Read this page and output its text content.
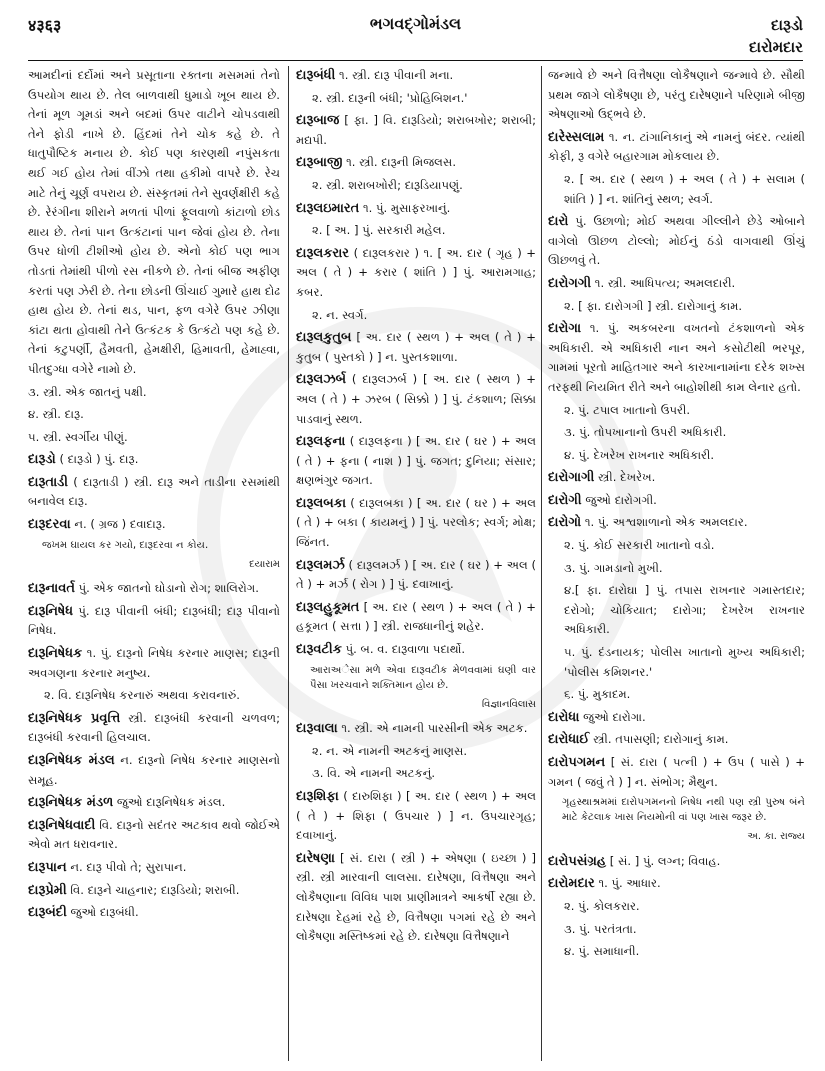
४३६३	ભગવદ્ગોમંડલ	દારૂડો
દારોમદાર
આમદીનાં દર્દોમાં અને પ્રસૂતાના રક્તના મસમમાં તેનો ઉપયોગ થાય છે. તેલ બાળવાથી ધુમાડો ખૂબ થાય છે. તેનાં મૂળ ગૂમડાં અને બદમાં ઉપર વાટીને ચોપડવાથી તેને ફોડી નાખે છે. હિંદમાં તેને ચોક કહે છે. તે ધાતુપૌષ્ટિક મનાય છે. કોઈ પણ કારણથી નપુંસકતા થઈ ગઈ હોય તેમાં વીંઝો તથા હકીમો વાપરે છે. રેચ માટે તેનું ચૂર્ણ વપરાય છે. સંસ્કૃતમાં તેને સુવર્ણક્ષીરી કહે છે. રેરંગીના શીરાને મળતાં પીળાં ફૂલવાળો કાંટાળો છોડ થાય છે. તેનાં પાન ઉત્કંટાનાં પાન જેવાં હોય છે. તેના ઉપર ધોળી ટીશીઓ હોય છે. એનો કોઈ પણ ભાગ તોડતાં તેમાંથી પીળો રસ નીકળે છે. તેનાં બીજ અફીણ કરતાં પણ ઝેરી છે. તેના છોડની ઊંચાઈ ગુમારે હાથ દોઢ હાથ હોય છે. તેનાં થડ, પાન, ફળ વગેરે ઉપર ઝીણા કાંટા થતા હોવાથી તેને ઉત્કંટક કે ઉત્કંટો પણ કહે છે. તેનાં કટુપર્ણી, હૈમવતી, હેમક્ષીરી, હિમાવતી, હેમાહ્વા, પીતદુગ્ધા વગેરે નામો છે.
૩. સ્ત્રી. એક જાતનું પક્ષી.
૪. સ્ત્રી. દારૂ.
૫. સ્ત્રી. સ્વર્ગીય પીણું.
દારૂડો ( દારૂડો ) પું. દારૂ.
દારૂતાડી ( દારૂતાડી ) સ્ત્રી. દારૂ અને તાડીના રસમાંથી બનાવેલ દારૂ.
દારૂદરવા ન. ( ગ્રજ ) દવાદારૂ.
જખમ ઘાયલ કર ગયો, દારૂદરવા ન કોય.
દયારામ
દારૂનાવર્ત પું. એક જાતનો ઘોડાનો રોગ; શાલિરોગ.
દારૂનિષેધ પું. દારૂ પીવાની બંધી; દારૂબંધી; દારૂ પીવાનો નિષેધ.
દારૂનિષેધક ૧. પું. દારૂનો નિષેધ કરનાર માણસ; દારૂની અવગણના કરનાર મનુષ્ય.
૨. વિ. દારૂનિષેધ કરનારું અથવા કરાવનારું.
દારૂનિષેધક પ્રવૃત્તિ સ્ત્રી. દારૂબંધી કરવાની ચળવળ; દારૂબંધી કરવાની હિલચાલ.
દારૂનિષેધક મંડલ ન. દારૂનો નિષેધ કરનાર માણસનો સમૂહ.
દારૂનિષેધક મંડળ જુઓ દારૂનિષેધક મંડલ.
દારૂનિષેધવાદી વિ. દારૂનો સદંતર અટકાવ થવો જોઈએ એવો મત ધરાવનાર.
દારૂપાન ન. દારૂ પીવો તે; સુરાપાન.
દારૂપ્રેમી વિ. દારૂને ચાહનાર; દારૂડિયો; શરાબી.
દારૂબંદી જુઓ દારૂબંધી.
દારૂબંધી ૧. સ્ત્રી. દારૂ પીવાની મના.
૨. સ્ત્રી. દારૂની બંધી; 'પ્રોહિબિશન.'
દારૂબાજ [ ફા. ] વિ. દારૂડિયો; શરાબખોર; શરાબી; મદ્યપી.
દારૂબાજી ૧. સ્ત્રી. દારૂની મિજલસ.
૨. સ્ત્રી. શરાબખોરી; દારૂડિયાપણું.
દારૂલઇમારત ૧. પું. મુસાફરખાનું.
૨. [ અ. ] પું. સરકારી મહેલ.
દારૂલકરાર ( દારૂલકરાર ) ૧. [ અ. દાર ( ગૃહ ) + અલ ( તે ) + કરાર ( શાંતિ ) ] પું. આરામગાહ; કબર.
૨. ન. સ્વર્ગ.
દારૂલકુતુબ [ અ. દાર ( સ્થળ ) + અલ ( તે ) + કુતુબ ( પુસ્તકો ) ] ન. પુસ્તકશાળા.
દારૂલઝર્બ ( દારૂલઝર્બ ) [ અ. દાર ( સ્થળ ) + અલ ( તે ) + ઝરબ ( સિક્કો ) ] પું. ટંકશાળ; સિક્કા પાડવાનું સ્થળ.
દારૂલફના ( દારૂલફના ) [ અ. દાર ( ઘર ) + અલ ( તે ) + ફના ( નાશ ) ] પું. જગત; દુનિયા; સંસાર; ક્ષણભંગુર જગત.
દારૂલબકા ( દારૂલબકા ) [ અ. દાર ( ઘર ) + અલ ( તે ) + બકા ( કાયમનું ) ] પું. પરલોક; સ્વર્ગ; મોક્ષ; જિંનત.
દારૂલમર્ઝ ( દારૂલમર્ઝ ) [ અ. દાર ( ઘર ) + અલ ( તે ) + મર્ઝ ( રોગ ) ] પું. દવાખાનું.
દારૂલહુકૂમત [ અ. દાર ( સ્થળ ) + અલ ( તે ) + હકૂમત ( સત્તા ) ] સ્ત્રી. રાજધાનીનું શહેર.
દારૂવટીક પું. બ. વ. દારૂવાળા પદાર્થો.
આરાઅેસા મળે એવા દારૂવટીક મેળવવામાં ઘણી વાર પૈસા ખરચવાને શક્તિમાન હોય છે.
વિજ્ઞાનવિલાસ
દારૂવાલા ૧. સ્ત્રી. એ નામની પારસીની એક અટક.
૨. ન. એ નામની અટકનું માણસ.
૩. વિ. એ નામની અટકનું.
દારૂશિફા ( દારુશિફા ) [ અ. દાર ( સ્થળ ) + અલ ( તે ) + શિફા ( ઉપચાર ) ] ન. ઉપચારગૃહ; દવાખાનું.
દારેષણા [ સં. દારા ( સ્ત્રી ) + એષણા ( ઇચ્છા ) ] સ્ત્રી. સ્ત્રી મારવાની લાલસા. દારેષણા, વિત્તૈષણા અને લોકૈષણાના વિવિધ પાશ પ્રાણીમાત્રને આકર્ષી રહ્યા છે. દારેષણા દેહમાં રહે છે, વિત્તૈષણા પગમાં રહે છે અને લોકૈષણા મસ્તિષ્કમાં રહે છે. દારેષણા વિત્તૈષણાને
જન્માવે છે અને વિત્તૈષણા લોકૈષણાને જન્માવે છે. સૌથી પ્રથમ જાગે લોકૈષણા છે, પરંતુ દારેષણાને પરિણામે બીજી એષણાઓ ઉદ્ભવે છે.
દારેસ્સલામ ૧. ન. ટાંગાનિકાનું એ નામનું બંદર. ત્યાંથી કોફી, રૂ વગેરે બહારગામ મોકલાય છે.
૨. [ અ. દાર ( સ્થળ ) + અલ ( તે ) + સલામ ( શાંતિ ) ] ન. શાંતિનું સ્થળ; સ્વર્ગ.
દારો પું. ઉછાળો; મોઈ અથવા ગીલ્લીને છેડે ઓબાને વાગેલો ઊછળ ટોલ્લો; મોઈનું ઠંડો વાગવાથી ઊંચું ઊછળવું તે.
દારોગગી ૧. સ્ત્રી. આધિપત્ય; અમલદારી.
૨. [ ફા. દારોગગી ] સ્ત્રી. દારોગાનું કામ.
દારોગા ૧. પું. અકબરના વખતનો ટંકશાળનો એક અધિકારી. એ અધિકારી નાન અને કસોટીથી ભરપૂર, ગામમાં પૂરતો માહિતગાર અને કારખાનામાંના દરેક શખ્સ તરફથી નિયમિત રીતે અને બાહોશીથી કામ લેનાર હતો.
૨. પું. ટપાલ ખાતાનો ઉપરી.
૩. પું. તોપખાનાનો ઉપરી અધિકારી.
૪. પું. દેખરેખ રાખનાર અધિકારી.
દારોગાગી સ્ત્રી. દેખરેખ.
દારોગી જુઓ દારોગગી.
દારોગો ૧. પું. અશ્વશાળાનો એક અમલદાર.
૨. પું. કોઈ સરકારી ખાતાનો વડો.
૩. પું. ગામડાનો મુખી.
૪.[ ફા. દારોઘા ] પું. તપાસ રાખનાર ગમાસ્તદાર; દરોગો; ચોકિયાત; દારોગા; દેખરેખ રાખનાર અધિકારી.
૫. પું. દંડનાયક; પોલીસ ખાતાનો મુખ્ય અધિકારી; 'પોલીસ કમિશનર.'
૬. પું. મુકાદમ.
દારોધા જુઓ દારોગા.
દારોધાઈ સ્ત્રી. તપાસણી; દારોગાનું કામ.
દારોપગમન [ સં. દારા ( પત્ની ) + ઉપ ( પાસે ) + ગમન ( જવું તે ) ] ન. સંભોગ; મૈથુન.
ગૃહસ્થાશ્રમમાં દારોપગમનનો નિષેધ નથી પણ સ્ત્રી પુરુષ બંને માટે કેટલાક ખાસ નિયમોની વાં પણ ખાસ જરૂર છે.
અ. કા. રાજ્ય
દારોપસંગ્રહ [ સં. ] પું. લગ્ન; વિવાહ.
દારોમદાર ૧. પું. આધાર.
૨. પું. કોલકરાર.
૩. પું. પરતંત્રતા.
૪. પું. સમાધાની.
